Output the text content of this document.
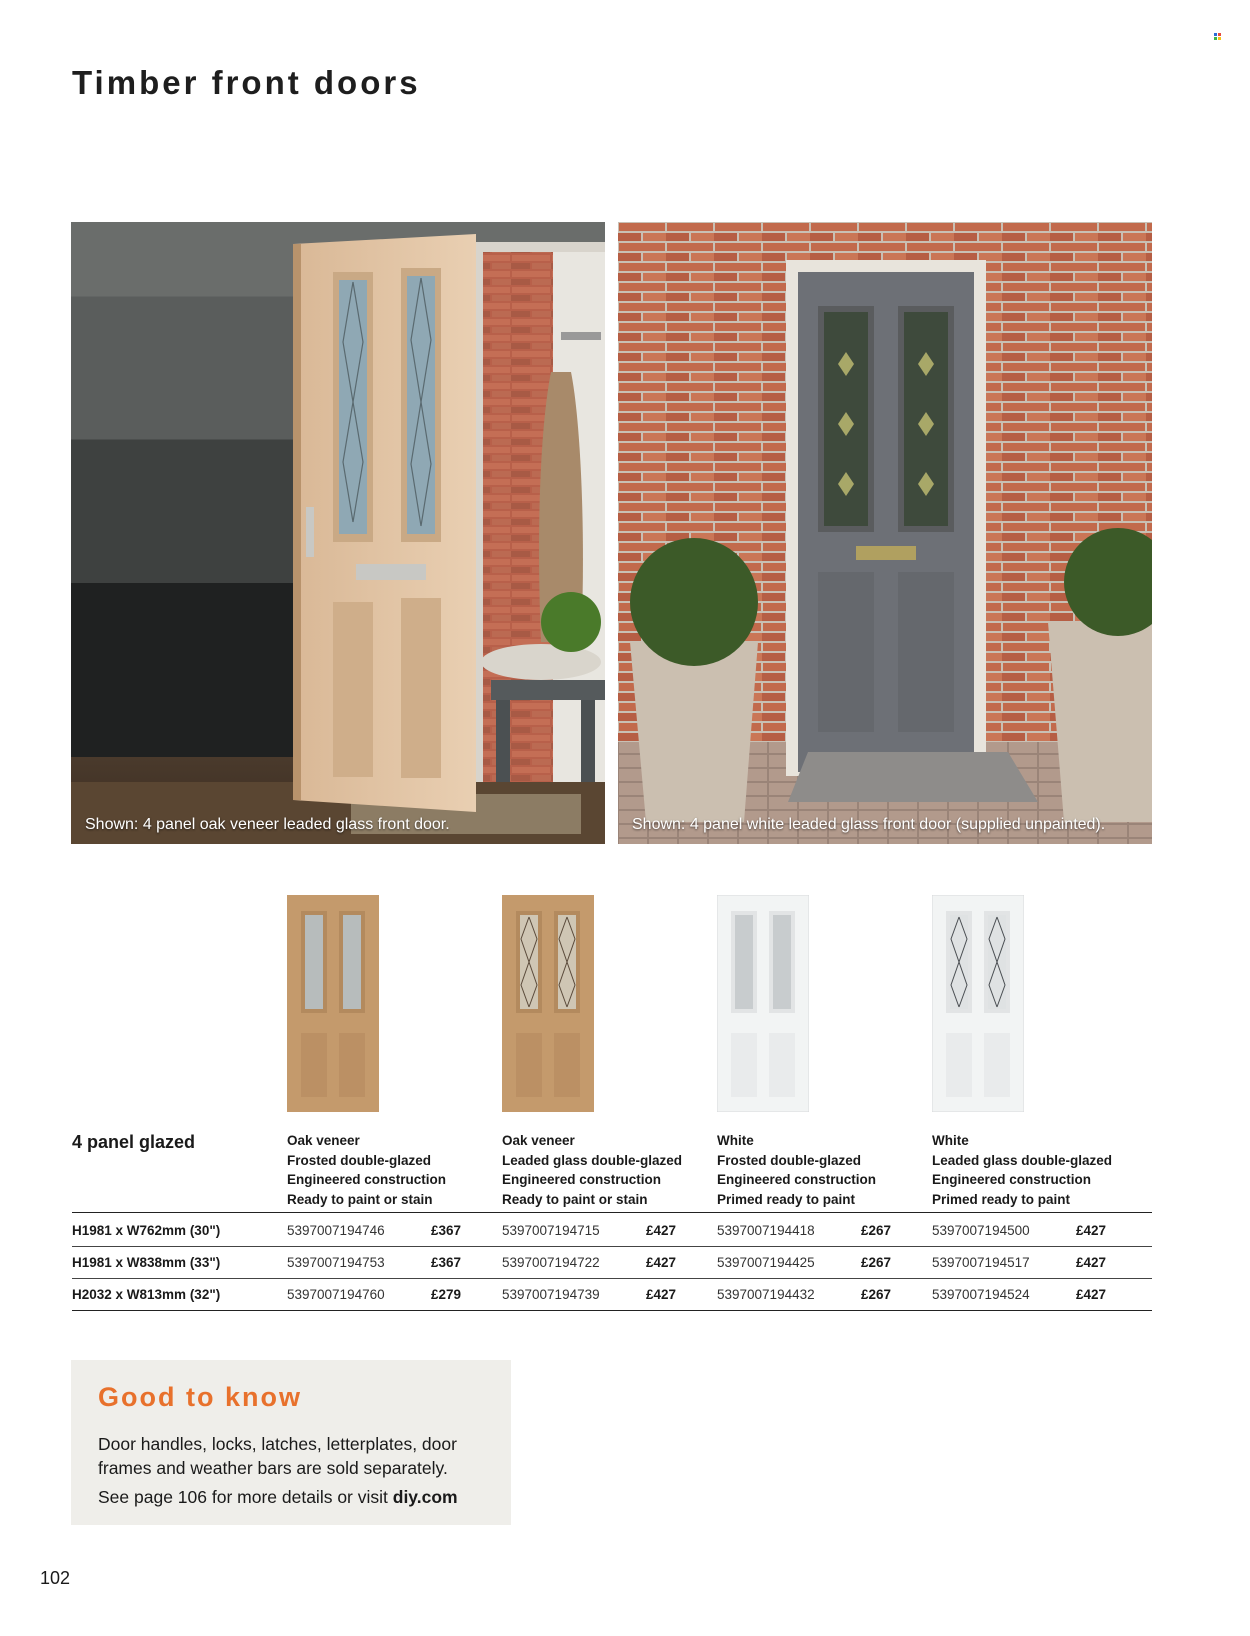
Timber front doors
Shown: 4 panel oak veneer leaded glass front door.	Shown: 4 panel white leaded glass front door (supplied unpainted).
4 panel glazed	Oak veneer
Frosted double-glazed
Engineered construction
Ready to paint or stain
Oak veneer
Leaded glass double-glazed
Engineered construction
Ready to paint or stain
White
Frosted double-glazed
Engineered construction
Primed ready to paint
White
Leaded glass double-glazed
Engineered construction
Primed ready to paint
H1981 x W762mm (30")	5397007194746	£367	5397007194715	£427	5397007194418	£267	5397007194500	£427
H1981 x W838mm (33")	5397007194753	£367	5397007194722	£427	5397007194425	£267	5397007194517	£427
H2032 x W813mm (32")	5397007194760	£279	5397007194739	£427	5397007194432	£267	5397007194524	£427
Good to know
Door handles, locks, latches, letterplates, door frames and weather bars are sold separately.
See page 106 for more details or visit diy.com
102
